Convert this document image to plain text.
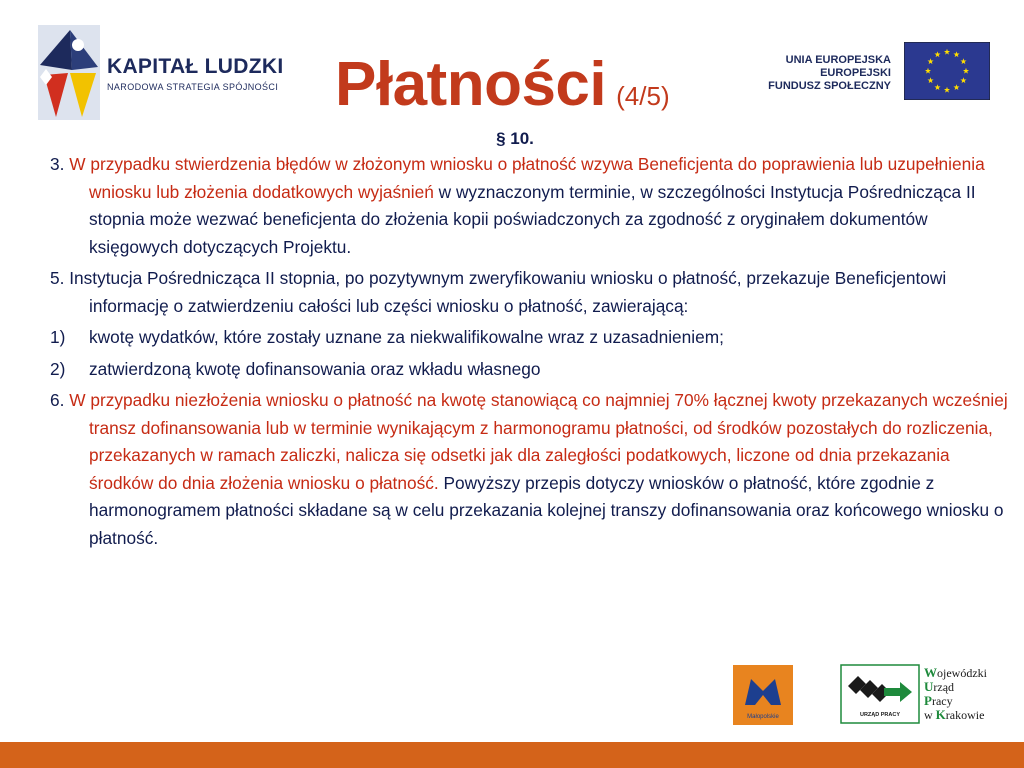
KAPITAŁ LUDZKI
NARODOWA STRATEGIA SPÓJNOŚCI Płatności (4/5)
UNIA EUROPEJSKA
EUROPEJSKI
FUNDUSZ SPOŁECZNY
§ 10.

3. W przypadku stwierdzenia błędów w złożonym wniosku o płatność wzywa Beneficjenta do poprawienia lub uzupełnienia wniosku lub złożenia dodatkowych wyjaśnień w wyznaczonym terminie, w szczególności Instytucja Pośrednicząca II stopnia może wezwać beneficjenta do złożenia kopii poświadczonych za zgodność z oryginałem dokumentów księgowych dotyczących Projektu.

5. Instytucja Pośrednicząca II stopnia, po pozytywnym zweryfikowaniu wniosku o płatność, przekazuje Beneficjentowi informację o zatwierdzeniu całości lub części wniosku o płatność, zawierającą:

1)	kwotę wydatków, które zostały uznane za niekwalifikowalne wraz z uzasadnieniem;
2)	zatwierdzoną kwotę dofinansowania oraz wkładu własnego

6. W przypadku niezłożenia wniosku o płatność na kwotę stanowiącą co najmniej 70% łącznej kwoty przekazanych wcześniej transz dofinansowania lub w terminie wynikającym z harmonogramu płatności, od środków pozostałych do rozliczenia, przekazanych w ramach zaliczki, nalicza się odsetki jak dla zaległości podatkowych, liczone od dnia przekazania środków do dnia złożenia wniosku o płatność. Powyższy przepis dotyczy wniosków o płatność, które zgodnie z harmonogramem płatności składane są w celu przekazania kolejnej transzy dofinansowania oraz końcowego wniosku o płatność.

Małopolskie	URZĄD PRACY
Wojewódzki
Urząd
Pracy
w Krakowie
